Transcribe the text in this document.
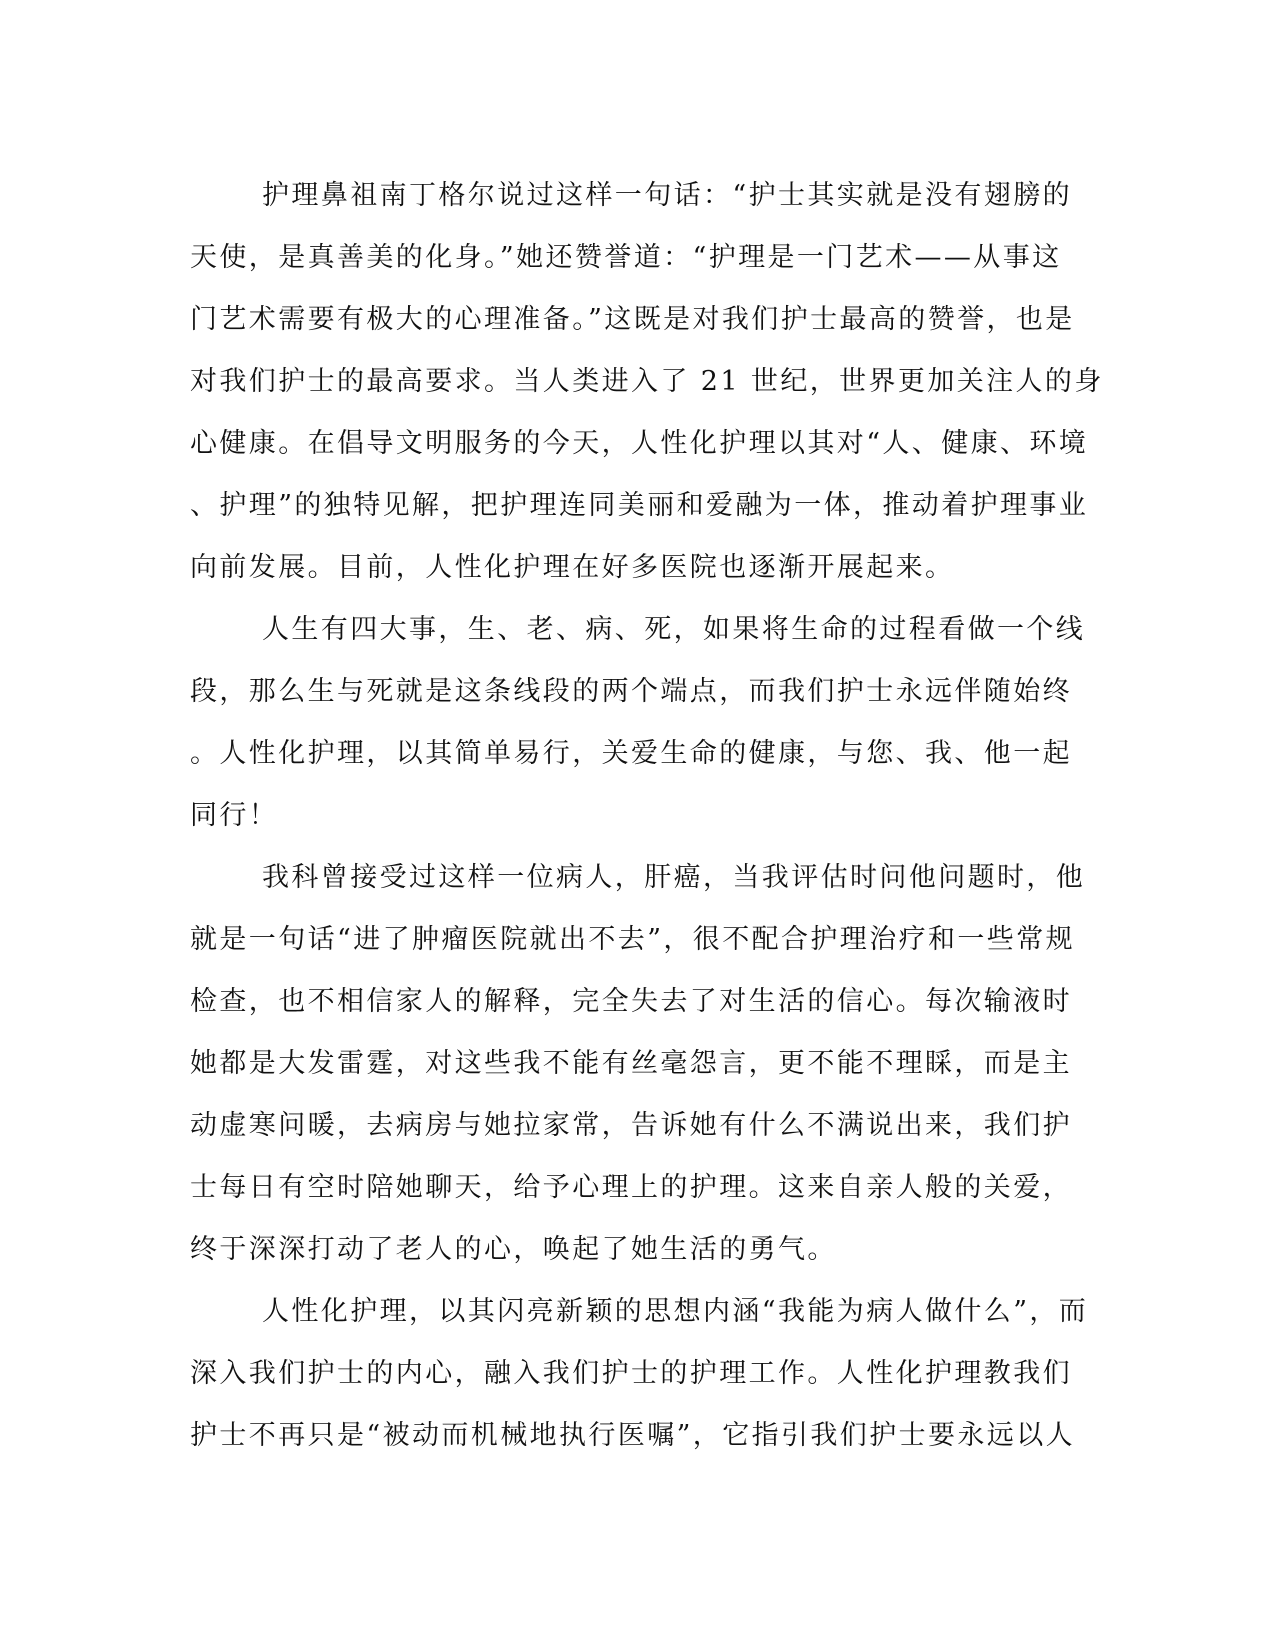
护理鼻祖南丁格尔说过这样一句话：“护士其实就是没有翅膀的
天使，是真善美的化身。”她还赞誉道：“护理是一门艺术——从事这
门艺术需要有极大的心理准备。”这既是对我们护士最高的赞誉，也是
对我们护士的最高要求。当人类进入了 21 世纪，世界更加关注人的身
心健康。在倡导文明服务的今天，人性化护理以其对“人、健康、环境
、护理”的独特见解，把护理连同美丽和爱融为一体，推动着护理事业
向前发展。目前，人性化护理在好多医院也逐渐开展起来。
人生有四大事，生、老、病、死，如果将生命的过程看做一个线
段，那么生与死就是这条线段的两个端点，而我们护士永远伴随始终
。人性化护理，以其简单易行，关爱生命的健康，与您、我、他一起
同行！
我科曾接受过这样一位病人，肝癌，当我评估时问他问题时，他
就是一句话“进了肿瘤医院就出不去”，很不配合护理治疗和一些常规
检查，也不相信家人的解释，完全失去了对生活的信心。每次输液时
她都是大发雷霆，对这些我不能有丝毫怨言，更不能不理睬，而是主
动虚寒问暖，去病房与她拉家常，告诉她有什么不满说出来，我们护
士每日有空时陪她聊天，给予心理上的护理。这来自亲人般的关爱，
终于深深打动了老人的心，唤起了她生活的勇气。
人性化护理，以其闪亮新颖的思想内涵“我能为病人做什么”，而
深入我们护士的内心，融入我们护士的护理工作。人性化护理教我们
护士不再只是“被动而机械地执行医嘱”，它指引我们护士要永远以人
